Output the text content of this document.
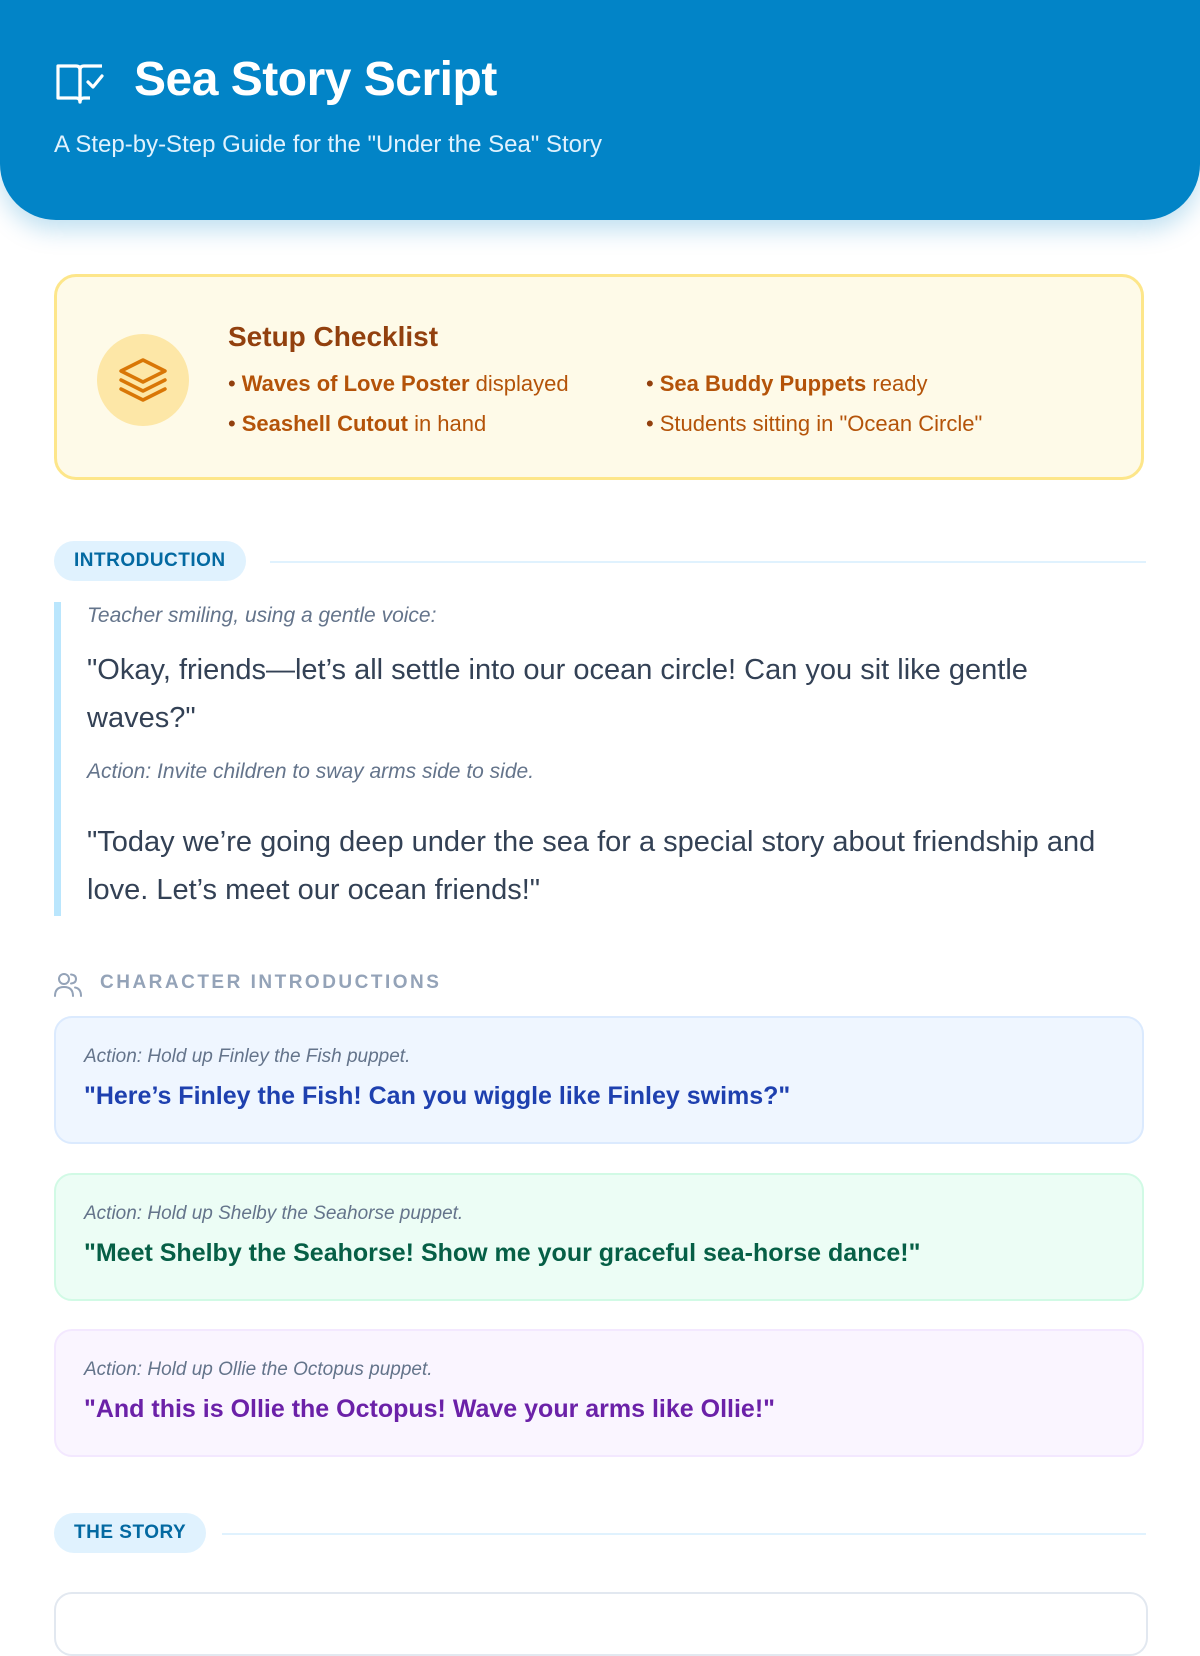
Sea Story Script
A Step-by-Step Guide for the "Under the Sea" Story
Setup Checklist
• Waves of Love Poster displayed	• Sea Buddy Puppets ready
• Seashell Cutout in hand	• Students sitting in "Ocean Circle"
INTRODUCTION
Teacher smiling, using a gentle voice:
"Okay, friends—let’s all settle into our ocean circle! Can you sit like gentle waves?"
Action: Invite children to sway arms side to side.
"Today we’re going deep under the sea for a special story about friendship and love. Let’s meet our ocean friends!"
CHARACTER INTRODUCTIONS
Action: Hold up Finley the Fish puppet.
"Here’s Finley the Fish! Can you wiggle like Finley swims?"
Action: Hold up Shelby the Seahorse puppet.
"Meet Shelby the Seahorse! Show me your graceful sea-horse dance!"
Action: Hold up Ollie the Octopus puppet.
"And this is Ollie the Octopus! Wave your arms like Ollie!"
THE STORY
